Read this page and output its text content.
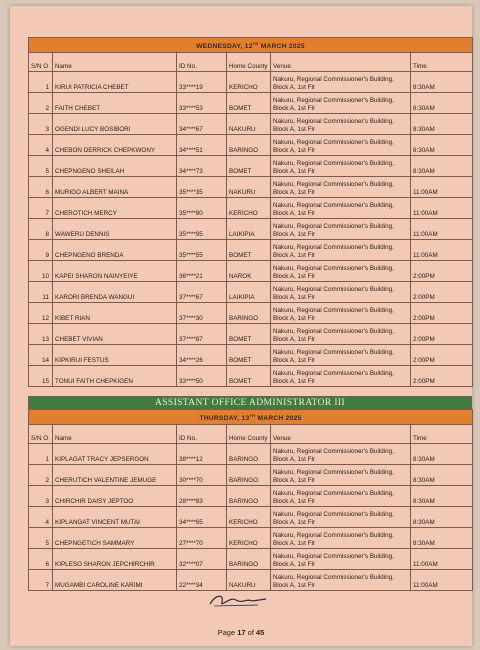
WEDNESDAY, 12TH MARCH 2025					
S/N O	Name	ID No.	Home County	Venue	Time
1	KIRUI PATRICIA CHEBET	33****19	KERICHO	Nakuru, Regional Commissioner's Building, Block A, 1st Flr	8:30AM
2	FAITH CHEBET	33****53	BOMET	Nakuru, Regional Commissioner's Building, Block A, 1st Flr	8:30AM
3	OGENDI LUCY BOSIBORI	34****67	NAKURU	Nakuru, Regional Commissioner's Building, Block A, 1st Flr	8:30AM
4	CHEBON DERRICK CHEPKWONY	34****51	BARINGO	Nakuru, Regional Commissioner's Building, Block A, 1st Flr	8:30AM
5	CHEPNGENO SHEILAH	34****73	BOMET	Nakuru, Regional Commissioner's Building, Block A, 1st Flr	8:30AM
6	MURIGO ALBERT MAINA	35****35	NAKURU	Nakuru, Regional Commissioner's Building, Block A, 1st Flr	11:00AM
7	CHEROTICH MERCY	35****80	KERICHO	Nakuru, Regional Commissioner's Building, Block A, 1st Flr	11:00AM
8	WAWERU DENNIS	35****95	LAIKIPIA	Nakuru, Regional Commissioner's Building, Block A, 1st Flr	11:00AM
9	CHEPNGENO BRENDA	35****55	BOMET	Nakuru, Regional Commissioner's Building, Block A, 1st Flr	11:00AM
10	KAPEI SHARON NAINYEIYE	36****21	NAROK	Nakuru, Regional Commissioner's Building, Block A, 1st Flr	2:00PM
11	KARORI BRENDA WANGUI	37****67	LAIKIPIA	Nakuru, Regional Commissioner's Building, Block A, 1st Flr	2:00PM
12	KIBET RIAN	37****30	BARINGO	Nakuru, Regional Commissioner's Building, Block A, 1st Flr	2:00PM
13	CHEBET VIVIAN	37****87	BOMET	Nakuru, Regional Commissioner's Building, Block A, 1st Flr	2:00PM
14	KIPKIRUI FESTUS	34****26	BOMET	Nakuru, Regional Commissioner's Building, Block A, 1st Flr	2:00PM
15	TONUI FAITH CHEPKIGEN	33****50	BOMET	Nakuru, Regional Commissioner's Building, Block A, 1st Flr	2:00PM
ASSISTANT OFFICE ADMINISTRATOR III
THURSDAY, 13TH MARCH 2025					
S/N O	Name	ID No.	Home County	Venue	Time
1	KIPLAGAT TRACY JEPSERGON	38****12	BARINGO	Nakuru, Regional Commissioner's Building, Block A, 1st Flr	8:30AM
2	CHERUTICH VALENTINE JEMUGE	30****70	BARINGO	Nakuru, Regional Commissioner's Building, Block A, 1st Flr	8:30AM
3	CHIRCHIR DAISY JEPTOO	28****83	BARINGO	Nakuru, Regional Commissioner's Building, Block A, 1st Flr	8:30AM
4	KIPLANGAT VINCENT MUTAI	34****65	KERICHO	Nakuru, Regional Commissioner's Building, Block A, 1st Flr	8:30AM
5	CHEPNGETICH SAMMARY	27****70	KERICHO	Nakuru, Regional Commissioner's Building, Block A, 1st Flr	8:30AM
6	KIPLESO SHARON JEPCHIRCHIR	32****07	BARINGO	Nakuru, Regional Commissioner's Building, Block A, 1st Flr	11:00AM
7	MUGAMBI CAROLINE KARIMI	22****34	NAKURU	Nakuru, Regional Commissioner's Building, Block A, 1st Flr	11:00AM
Page 17 of 45
